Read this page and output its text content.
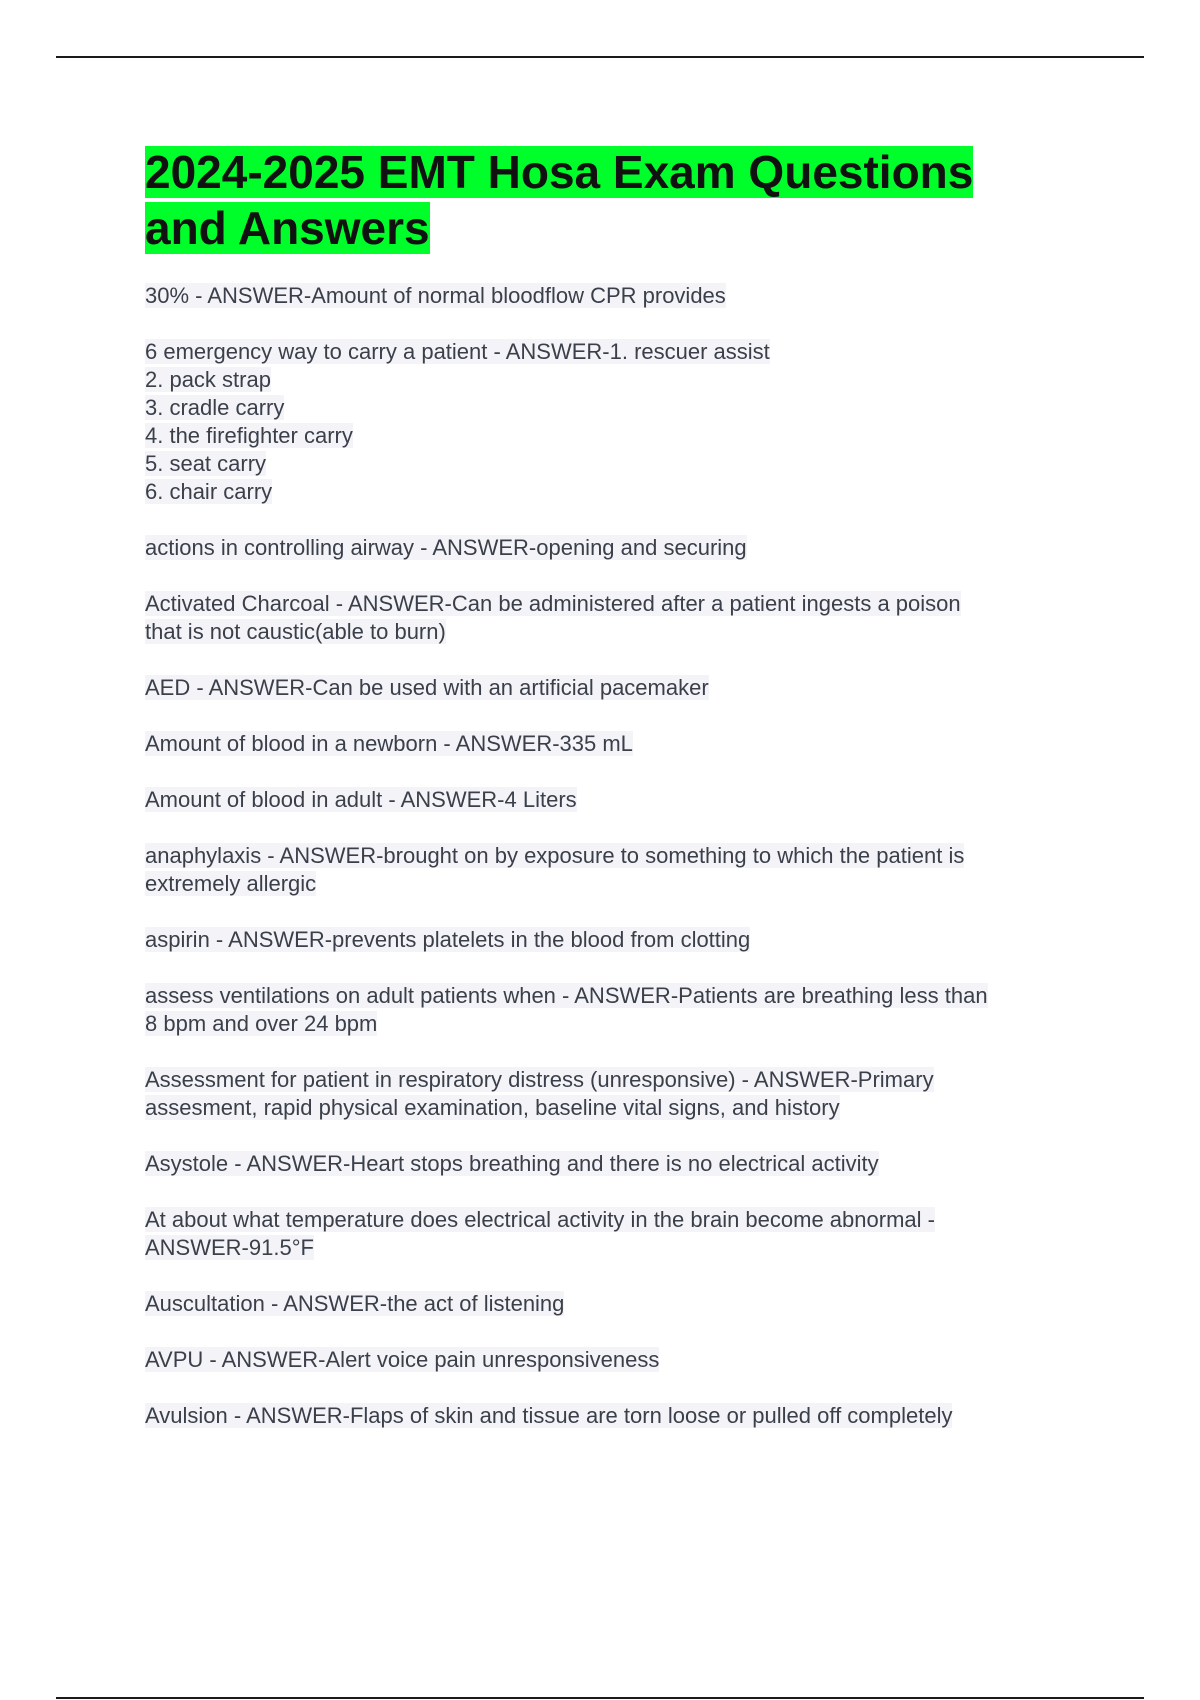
2024-2025 EMT Hosa Exam Questions
and Answers
30% - ANSWER-Amount of normal bloodflow CPR provides
6 emergency way to carry a patient - ANSWER-1. rescuer assist
2. pack strap
3. cradle carry
4. the firefighter carry
5. seat carry
6. chair carry
actions in controlling airway - ANSWER-opening and securing
Activated Charcoal - ANSWER-Can be administered after a patient ingests a poison
that is not caustic(able to burn)
AED - ANSWER-Can be used with an artificial pacemaker
Amount of blood in a newborn - ANSWER-335 mL
Amount of blood in adult - ANSWER-4 Liters
anaphylaxis - ANSWER-brought on by exposure to something to which the patient is
extremely allergic
aspirin - ANSWER-prevents platelets in the blood from clotting
assess ventilations on adult patients when - ANSWER-Patients are breathing less than
8 bpm and over 24 bpm
Assessment for patient in respiratory distress (unresponsive) - ANSWER-Primary
assesment, rapid physical examination, baseline vital signs, and history
Asystole - ANSWER-Heart stops breathing and there is no electrical activity
At about what temperature does electrical activity in the brain become abnormal -
ANSWER-91.5°F
Auscultation - ANSWER-the act of listening
AVPU - ANSWER-Alert voice pain unresponsiveness
Avulsion - ANSWER-Flaps of skin and tissue are torn loose or pulled off completely
